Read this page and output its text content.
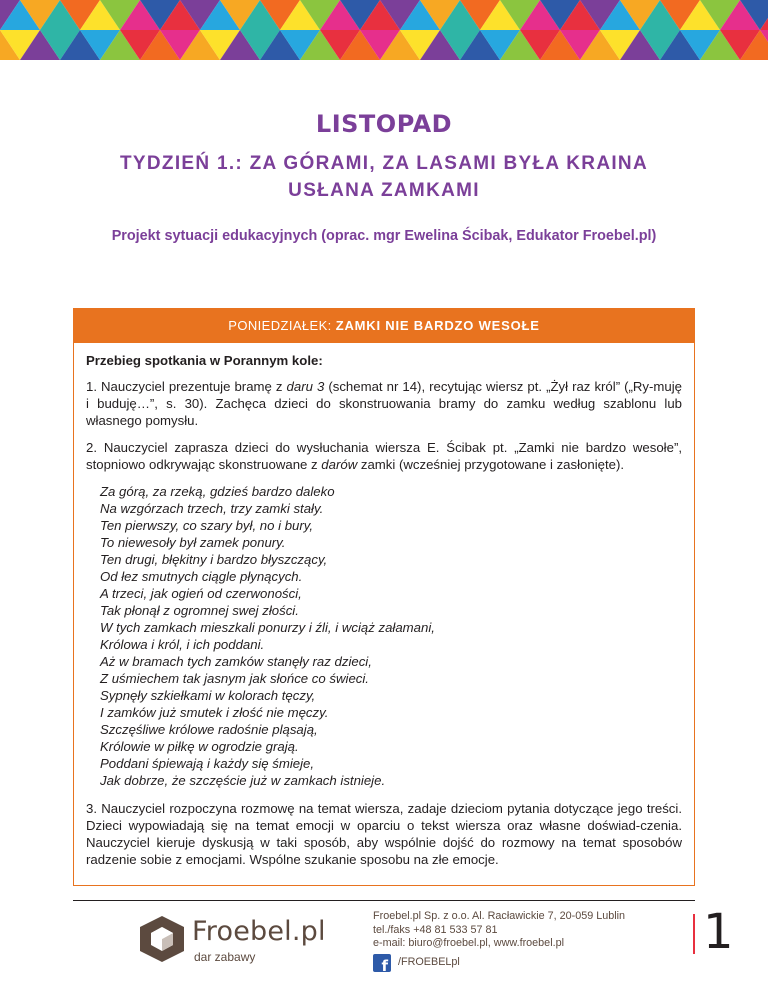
LISTOPAD
TYDZIEŃ 1.: ZA GÓRAMI, ZA LASAMI BYŁA KRAINA
USŁANA ZAMKAMI
Projekt sytuacji edukacyjnych (oprac. mgr Ewelina Ścibak, Edukator Froebel.pl)
PONIEDZIAŁEK: ZAMKI NIE BARDZO WESOŁE
Przebieg spotkania w Porannym kole:

1. Nauczyciel prezentuje bramę z daru 3 (schemat nr 14), recytując wiersz pt. „Żył raz król” („Ry-muję i buduję…”, s. 30). Zachęca dzieci do skonstruowania bramy do zamku według szablonu lub własnego pomysłu.

2. Nauczyciel zaprasza dzieci do wysłuchania wiersza E. Ścibak pt. „Zamki nie bardzo wesołe”, stopniowo odkrywając skonstruowane z darów zamki (wcześniej przygotowane i zasłonięte).

Za górą, za rzeką, gdzieś bardzo daleko
Na wzgórzach trzech, trzy zamki stały.
Ten pierwszy, co szary był, no i bury,
To niewesoły był zamek ponury.
Ten drugi, błękitny i bardzo błyszczący,
Od łez smutnych ciągle płynących.
A trzeci, jak ogień od czerwoności,
Tak płonął z ogromnej swej złości.
W tych zamkach mieszkali ponurzy i źli, i wciąż załamani,
Królowa i król, i ich poddani.
Aż w bramach tych zamków stanęły raz dzieci,
Z uśmiechem tak jasnym jak słońce co świeci.
Sypnęły szkiełkami w kolorach tęczy,
I zamków już smutek i złość nie męczy.
Szczęśliwe królowe radośnie pląsają,
Królowie w piłkę w ogrodzie grają.
Poddani śpiewają i każdy się śmieje,
Jak dobrze, że szczęście już w zamkach istnieje.

3. Nauczyciel rozpoczyna rozmowę na temat wiersza, zadaje dzieciom pytania dotyczące jego treści. Dzieci wypowiadają się na temat emocji w oparciu o tekst wiersza oraz własne doświad-czenia. Nauczyciel kieruje dyskusją w taki sposób, aby wspólnie dojść do rozmowy na temat sposobów radzenie sobie z emocjami. Wspólne szukanie sposobu na złe emocje.

Froebel.pl
dar zabawy
Froebel.pl Sp. z o.o. Al. Racławickie 7, 20-059 Lublin
tel./faks +48 81 533 57 81
e-mail: biuro@froebel.pl, www.froebel.pl
f /FROEBELpl
1
